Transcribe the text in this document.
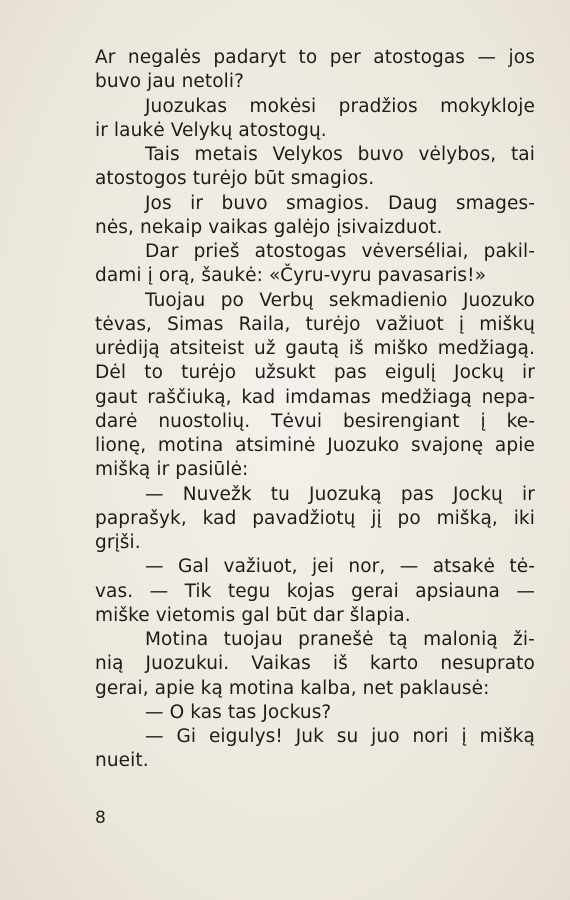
Ar negalės padaryt to per atostogas — jos
buvo jau netoli?
Juozukas mokėsi pradžios mokykloje
ir laukė Velykų atostogų.
Tais metais Velykos buvo vėlybos, tai
atostogos turėjo būt smagios.
Jos ir buvo smagios. Daug smages-
nės, nekaip vaikas galėjo įsivaizduot.
Dar prieš atostogas vėverséliai, pakil-
dami į orą, šaukė: «Čyru-vyru pavasaris!»
Tuojau po Verbų sekmadienio Juozuko
tėvas, Simas Raila, turėjo važiuot į miškų
urėdiją atsiteist už gautą iš miško medžiagą.
Dėl to turėjo užsukt pas eigulį Jockų ir
gaut raščiuką, kad imdamas medžiagą nepa-
darė nuostolių. Tėvui besirengiant į ke-
lionę, motina atsiminė Juozuko svajonę apie
mišką ir pasiūlė:
— Nuvežk tu Juozuką pas Jockų ir
paprašyk, kad pavadžiotų jį po mišką, iki
grįši.
— Gal važiuot, jei nor, — atsakė tė-
vas. — Tik tegu kojas gerai apsiauna —
miške vietomis gal būt dar šlapia.
Motina tuojau pranešė tą malonią ži-
nią Juozukui. Vaikas iš karto nesuprato
gerai, apie ką motina kalba, net paklausė:
— O kas tas Jockus?
— Gi eigulys! Juk su juo nori į mišką
nueit.
8
